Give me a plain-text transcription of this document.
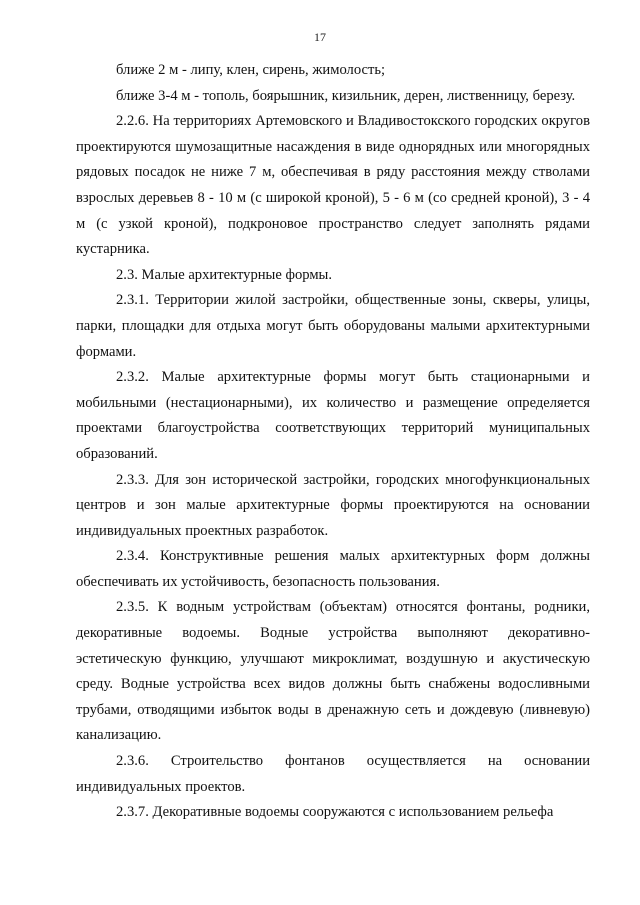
17

ближе 2 м - липу, клен, сирень, жимолость;

ближе 3-4 м - тополь, боярышник, кизильник, дерен, лиственницу, березу.

2.2.6. На территориях Артемовского и Владивостокского городских округов проектируются шумозащитные насаждения в виде однорядных или многорядных рядовых посадок не ниже 7 м, обеспечивая в ряду расстояния между стволами взрослых деревьев 8 - 10 м (с широкой кроной), 5 - 6 м (со средней кроной), 3 - 4 м (с узкой кроной), подкроновое пространство следует заполнять рядами кустарника.

2.3. Малые архитектурные формы.

2.3.1. Территории жилой застройки, общественные зоны, скверы, улицы, парки, площадки для отдыха могут быть оборудованы малыми архитектурными формами.

2.3.2. Малые архитектурные формы могут быть стационарными и мобильными (нестационарными), их количество и размещение определяется проектами благоустройства соответствующих территорий муниципальных образований.

2.3.3. Для зон исторической застройки, городских многофункциональных центров и зон малые архитектурные формы проектируются на основании индивидуальных проектных разработок.

2.3.4. Конструктивные решения малых архитектурных форм должны обеспечивать их устойчивость, безопасность пользования.

2.3.5. К водным устройствам (объектам) относятся фонтаны, родники, декоративные водоемы. Водные устройства выполняют декоративно-эстетическую функцию, улучшают микроклимат, воздушную и акустическую среду. Водные устройства всех видов должны быть снабжены водосливными трубами, отводящими избыток воды в дренажную сеть и дождевую (ливневую) канализацию.

2.3.6. Строительство фонтанов осуществляется на основании индивидуальных проектов.

2.3.7. Декоративные водоемы сооружаются с использованием рельефа
